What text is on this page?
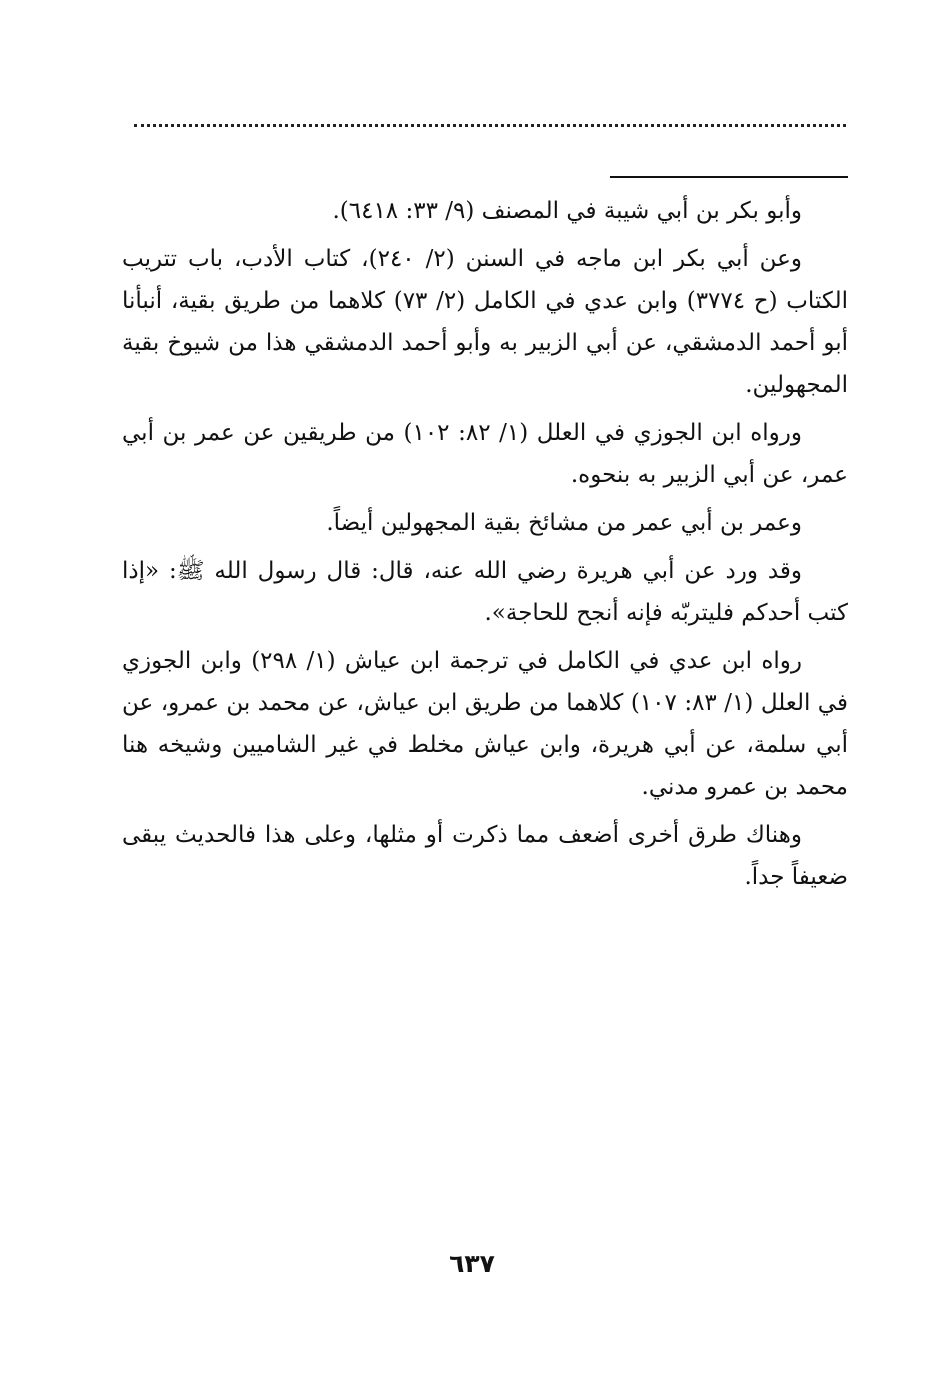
وأبو بكر بن أبي شيبة في المصنف (٩/ ٣٣: ٦٤١٨).

وعن أبي بكر ابن ماجه في السنن (٢/ ٢٤٠)، كتاب الأدب، باب تتريب الكتاب (ح ٣٧٧٤) وابن عدي في الكامل (٢/ ٧٣) كلاهما من طريق بقية، أنبأنا أبو أحمد الدمشقي، عن أبي الزبير به وأبو أحمد الدمشقي هذا من شيوخ بقية المجهولين.

ورواه ابن الجوزي في العلل (١/ ٨٢: ١٠٢) من طريقين عن عمر بن أبي عمر، عن أبي الزبير به بنحوه.

وعمر بن أبي عمر من مشائخ بقية المجهولين أيضاً.

وقد ورد عن أبي هريرة رضي الله عنه، قال: قال رسول الله ﷺ: «إذا كتب أحدكم فليتربّه فإنه أنجح للحاجة».

رواه ابن عدي في الكامل في ترجمة ابن عياش (١/ ٢٩٨) وابن الجوزي في العلل (١/ ٨٣: ١٠٧) كلاهما من طريق ابن عياش، عن محمد بن عمرو، عن أبي سلمة، عن أبي هريرة، وابن عياش مخلط في غير الشاميين وشيخه هنا محمد بن عمرو مدني.

وهناك طرق أخرى أضعف مما ذكرت أو مثلها، وعلى هذا فالحديث يبقى ضعيفاً جداً.

٦٣٧
